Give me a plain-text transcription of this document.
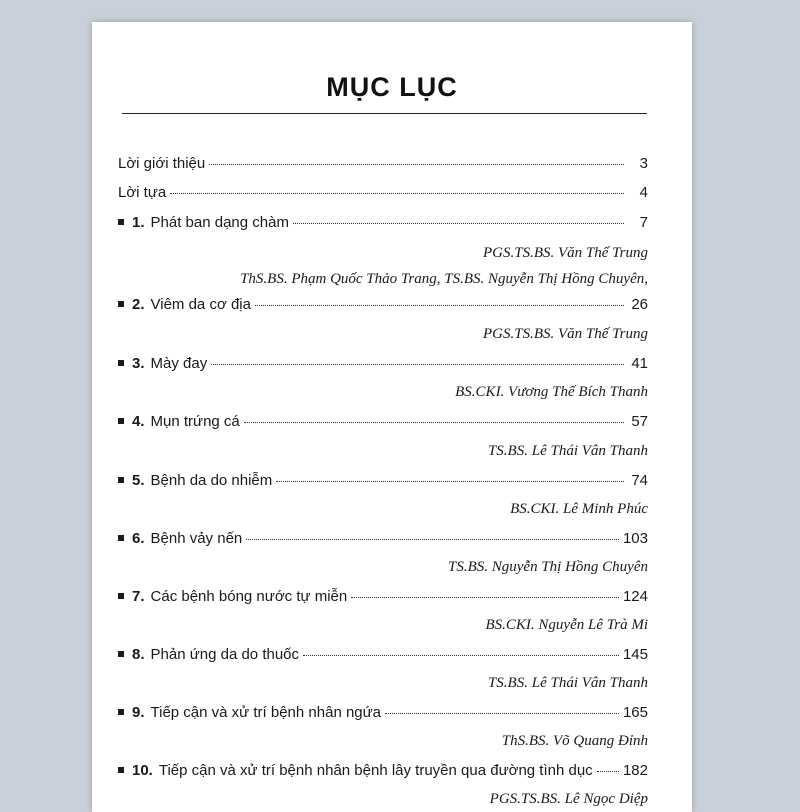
MỤC LỤC
Lời giới thiệu	3
Lời tựa	4
1. Phát ban dạng chàm	7
PGS.TS.BS. Văn Thế Trung
ThS.BS. Phạm Quốc Thảo Trang, TS.BS. Nguyễn Thị Hồng Chuyên,
2. Viêm da cơ địa	26
PGS.TS.BS. Văn Thế Trung
3. Mày đay	41
BS.CKI. Vương Thế Bích Thanh
4. Mụn trứng cá	57
TS.BS. Lê Thái Vân Thanh
5. Bệnh da do nhiễm	74
BS.CKI. Lê Minh Phúc
6. Bệnh vảy nến	103
TS.BS. Nguyễn Thị Hồng Chuyên
7. Các bệnh bóng nước tự miễn	124
BS.CKI. Nguyễn Lê Trà Mi
8. Phản ứng da do thuốc	145
TS.BS. Lê Thái Vân Thanh
9. Tiếp cận và xử trí bệnh nhân ngứa	165
ThS.BS. Võ Quang Đỉnh
10. Tiếp cận và xử trí bệnh nhân bệnh lây truyền qua đường tình dục 182
PGS.TS.BS. Lê Ngọc Diệp
